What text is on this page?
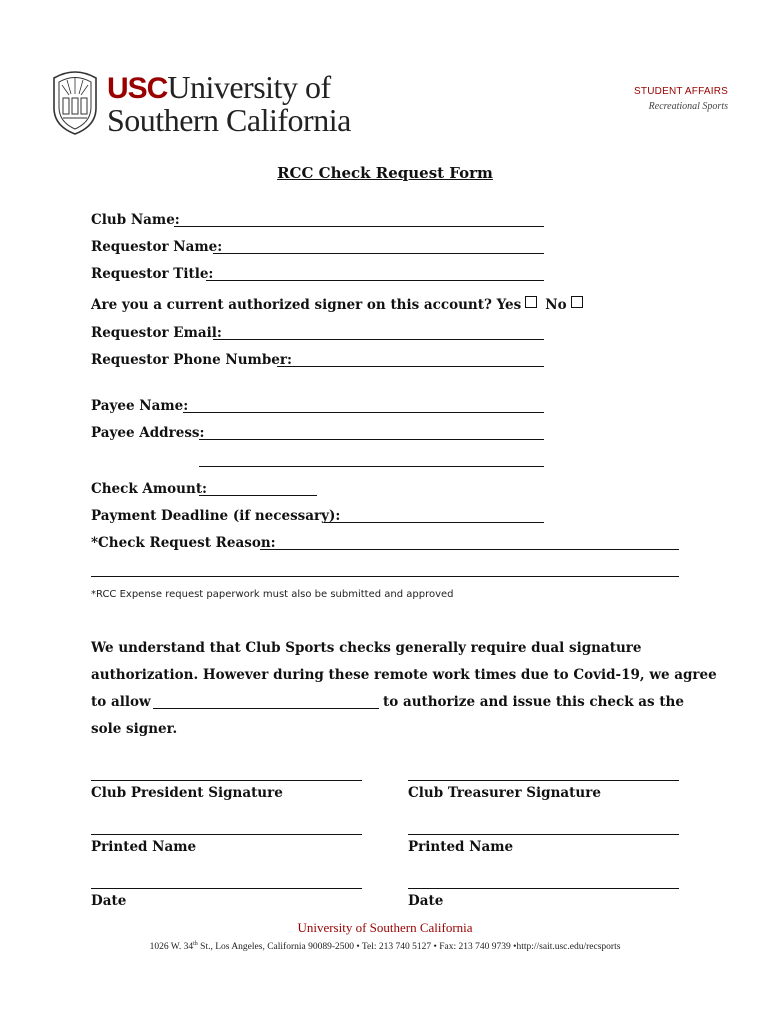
USCUniversity of
Southern California
STUDENT AFFAIRS
Recreational Sports
RCC Check Request Form
Club Name:
Requestor Name:
Requestor Title:
Are you a current authorized signer on this account? Yes No
Requestor Email:
Requestor Phone Number:
Payee Name:
Payee Address:
Check Amount:
Payment Deadline (if necessary):
*Check Request Reason:
*RCC Expense request paperwork must also be submitted and approved
We understand that Club Sports checks generally require dual signature
authorization. However during these remote work times due to Covid-19, we agree
to allow	to authorize and issue this check as the
sole signer.
Club President Signature	Club Treasurer Signature
Printed Name	Printed Name
Date	Date
University of Southern California
1026 W. 34th St., Los Angeles, California 90089-2500 • Tel: 213 740 5127 • Fax: 213 740 9739 •http://sait.usc.edu/recsports
